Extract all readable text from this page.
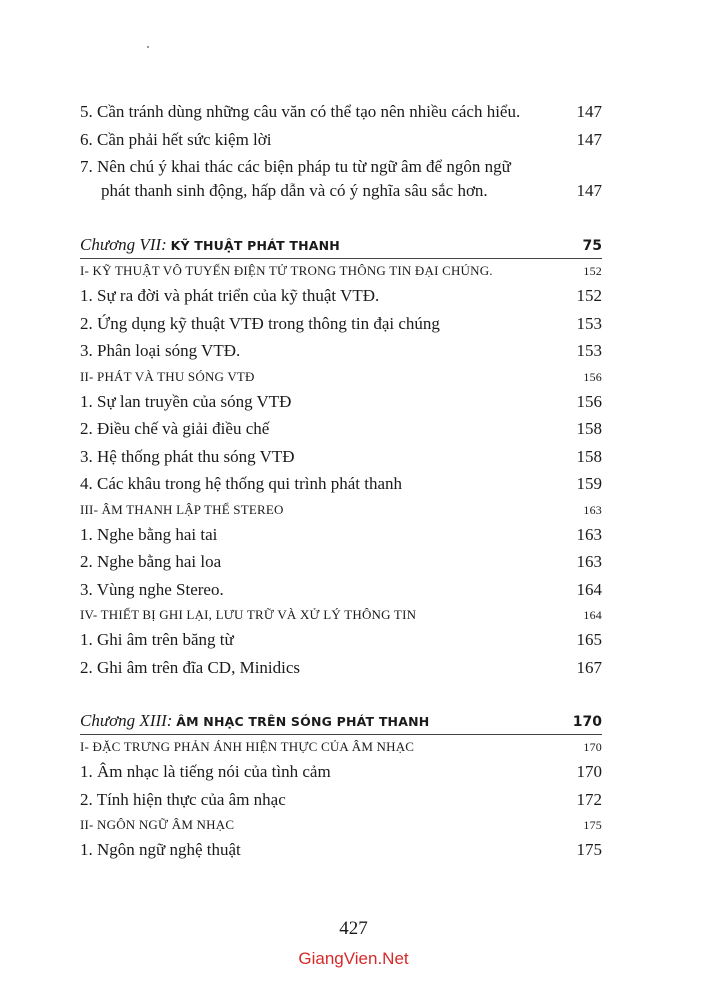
5. Cần tránh dùng những câu văn có thể tạo nên nhiều cách hiểu.	147
6. Cần phải hết sức kiệm lời	147
7. Nên chú ý khai thác các biện pháp tu từ ngữ âm để ngôn ngữ
phát thanh sinh động, hấp dẫn và có ý nghĩa sâu sắc hơn.	147
Chương VII: KỸ THUẬT PHÁT THANH	75
I- KỸ THUẬT VÔ TUYẾN ĐIỆN TỬ TRONG THÔNG TIN ĐẠI CHÚNG.	152
1. Sự ra đời và phát triển của kỹ thuật VTĐ.	152
2. Ứng dụng kỹ thuật VTĐ trong thông tin đại chúng	153
3. Phân loại sóng VTĐ.	153
II- PHÁT VÀ THU SÓNG VTĐ	156
1. Sự lan truyền của sóng VTĐ	156
2. Điều chế và giải điều chế	158
3. Hệ thống phát thu sóng VTĐ	158
4. Các khâu trong hệ thống qui trình phát thanh	159
III- ÂM THANH LẬP THỂ STEREO	163
1. Nghe bằng hai tai	163
2. Nghe bằng hai loa	163
3. Vùng nghe Stereo.	164
IV- THIẾT BỊ GHI LẠI, LƯU TRỮ VÀ XỬ LÝ THÔNG TIN	164
1. Ghi âm trên băng từ	165
2. Ghi âm trên đĩa CD, Minidics	167
Chương XIII: ÂM NHẠC TRÊN SÓNG PHÁT THANH	170
I- ĐẶC TRƯNG PHẢN ÁNH HIỆN THỰC CỦA ÂM NHẠC	170
1. Âm nhạc là tiếng nói của tình cảm	170
2. Tính hiện thực của âm nhạc	172
II- NGÔN NGỮ ÂM NHẠC	175
1. Ngôn ngữ nghệ thuật	175
427
GiangVien.Net
